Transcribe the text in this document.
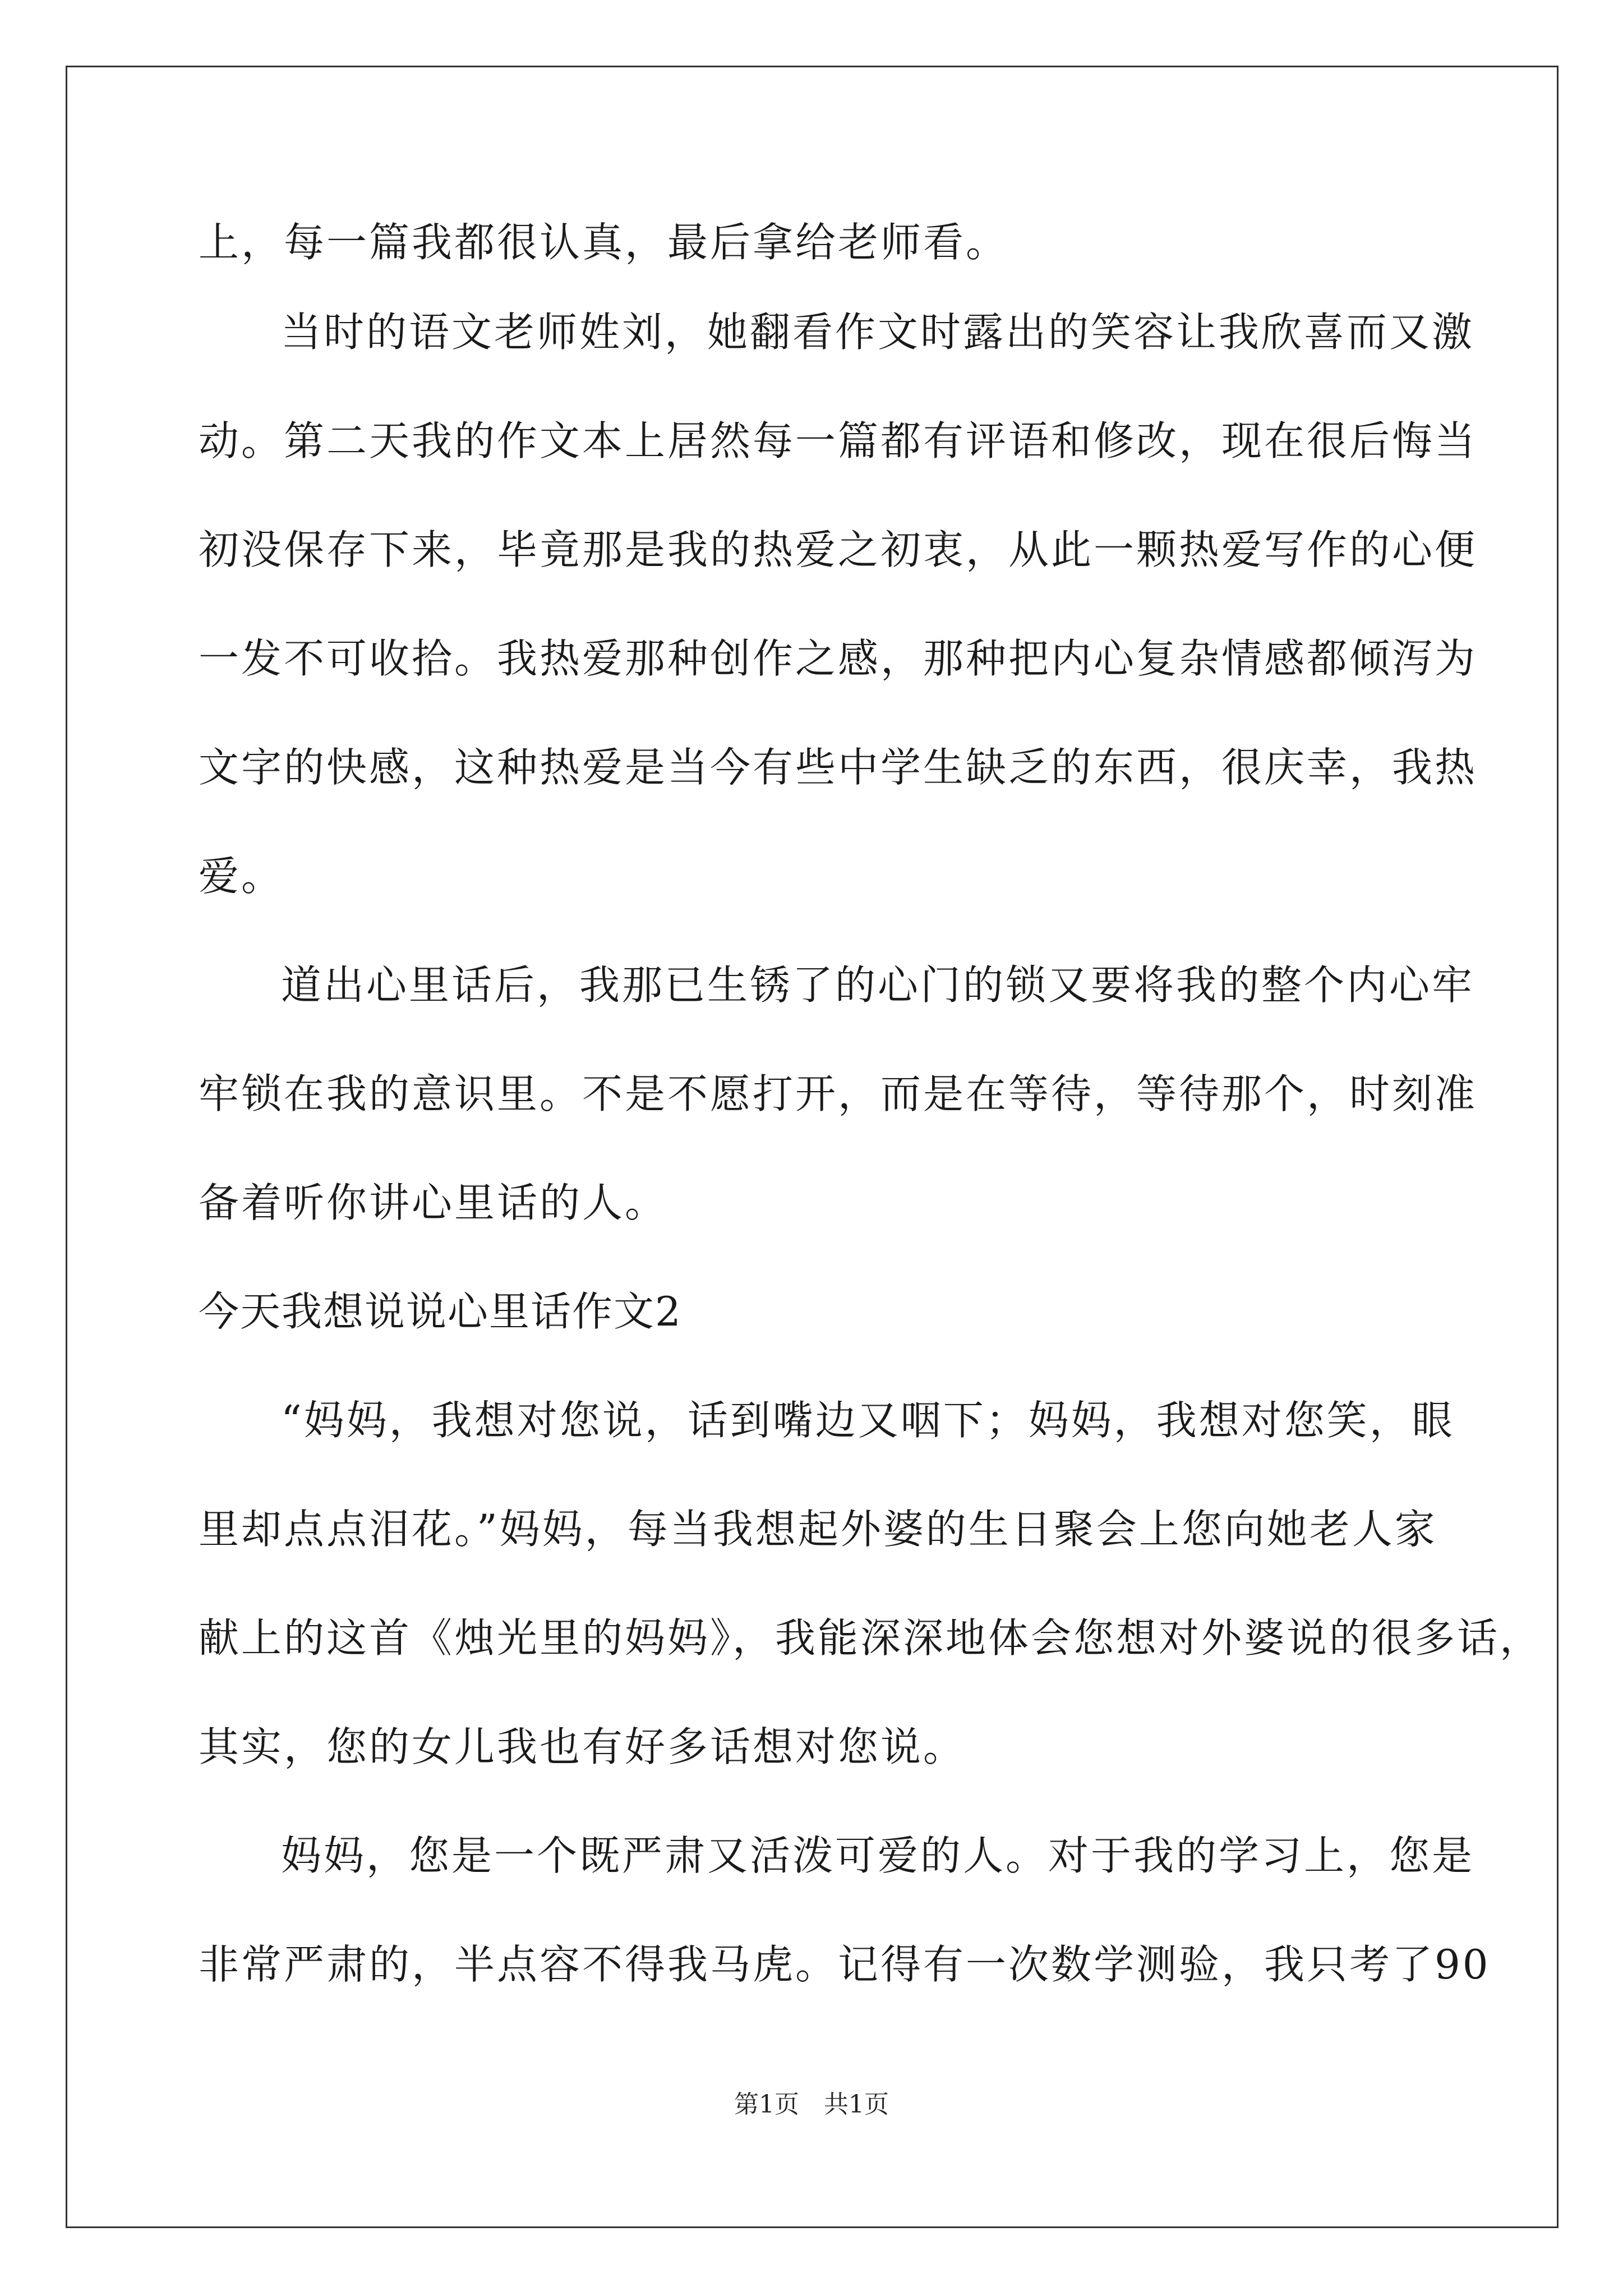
上，每一篇我都很认真，最后拿给老师看。
当时的语文老师姓刘，她翻看作文时露出的笑容让我欣喜而又激
动。第二天我的作文本上居然每一篇都有评语和修改，现在很后悔当
初没保存下来，毕竟那是我的热爱之初衷，从此一颗热爱写作的心便
一发不可收拾。我热爱那种创作之感，那种把内心复杂情感都倾泻为
文字的快感，这种热爱是当今有些中学生缺乏的东西，很庆幸，我热
爱。
道出心里话后，我那已生锈了的心门的锁又要将我的整个内心牢
牢锁在我的意识里。不是不愿打开，而是在等待，等待那个，时刻准
备着听你讲心里话的人。
今天我想说说心里话作文2
“妈妈，我想对您说，话到嘴边又咽下；妈妈，我想对您笑，眼
里却点点泪花。”妈妈，每当我想起外婆的生日聚会上您向她老人家
献上的这首《烛光里的妈妈》，我能深深地体会您想对外婆说的很多话，
其实，您的女儿我也有好多话想对您说。
妈妈，您是一个既严肃又活泼可爱的人。对于我的学习上，您是
非常严肃的，半点容不得我马虎。记得有一次数学测验，我只考了90
第1页　共1页
